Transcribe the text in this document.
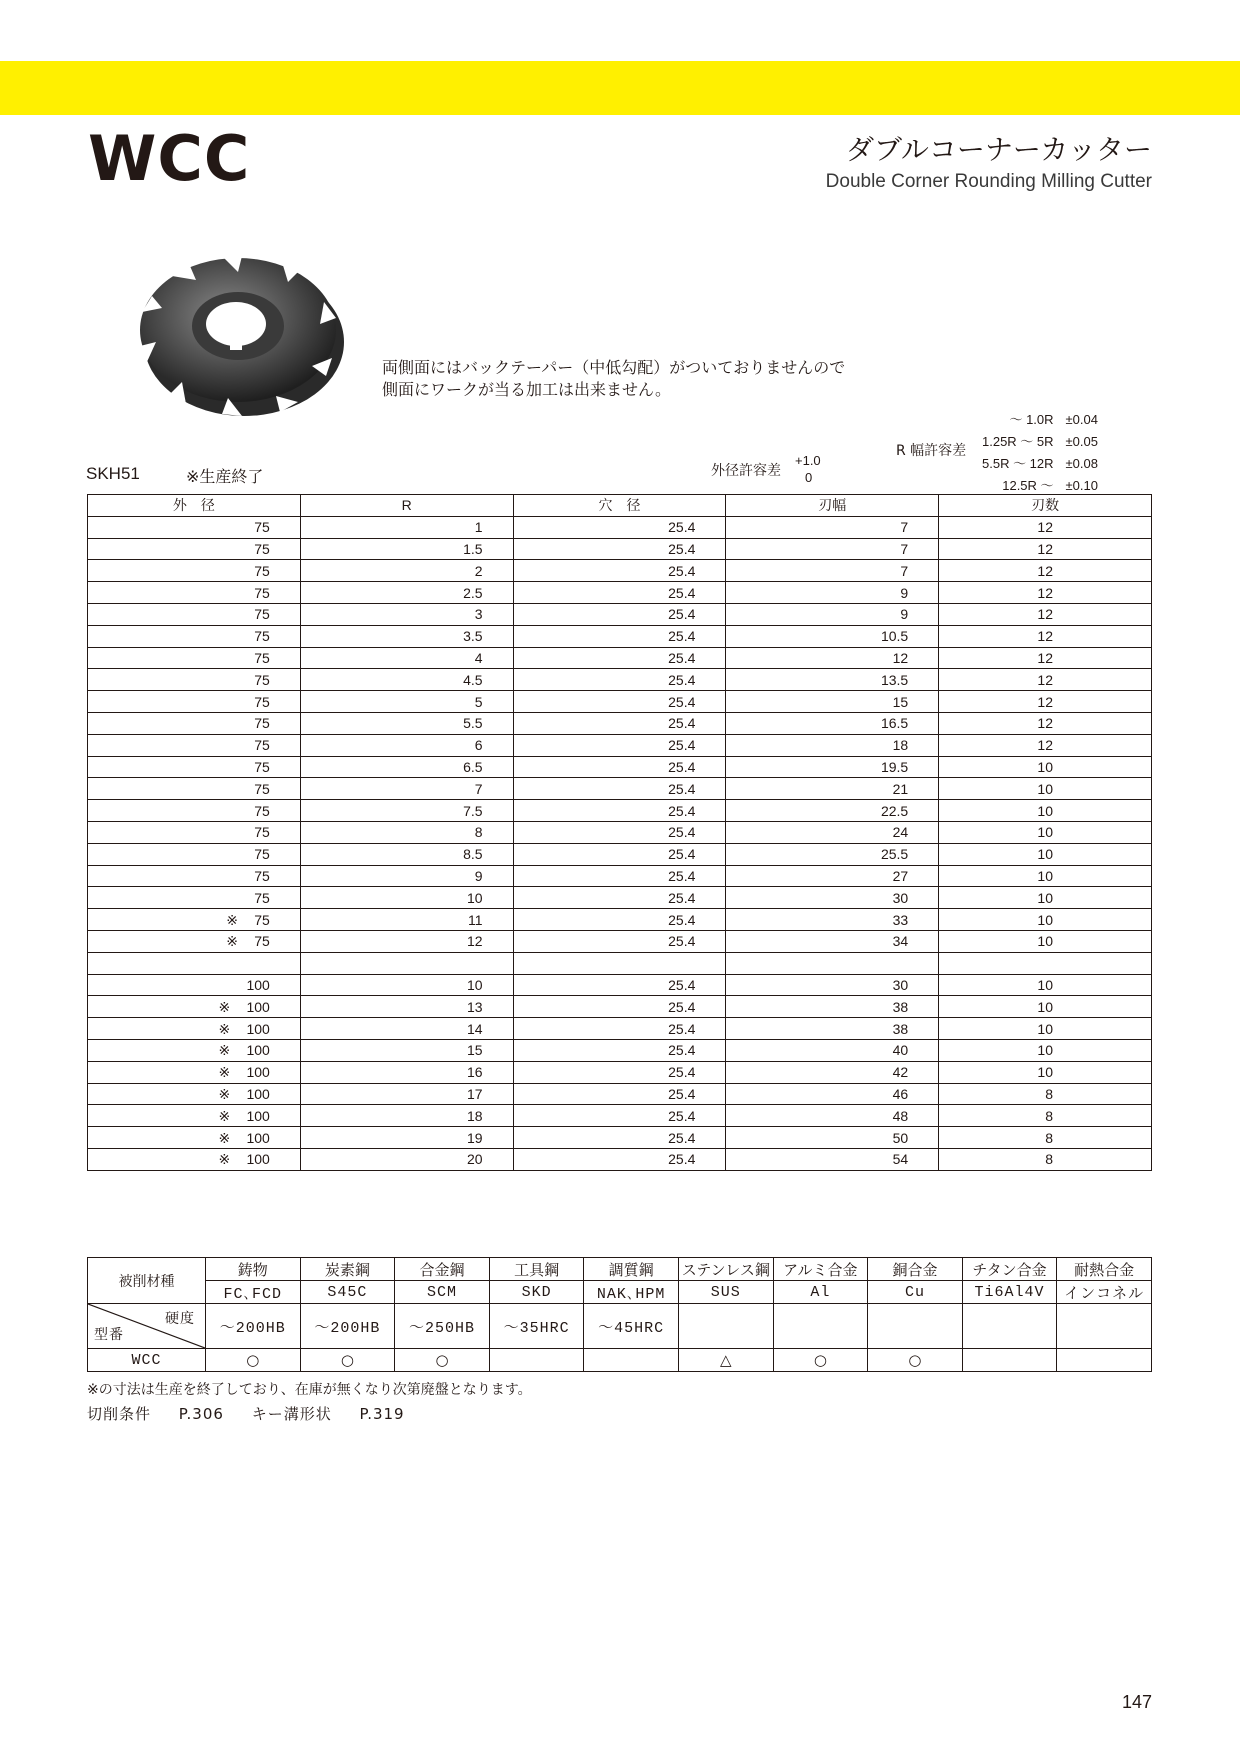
WCC	ダブルコーナーカッター
Double Corner Rounding Milling Cutter
両側面にはバックテーパー（中低勾配）がついておりませんので
側面にワークが当る加工は出来ません。
SKH51	※生産終了	外径許容差
+1.0
0
R 幅許容差
～ 1.0R	±0.04
1.25R ～ 5R	±0.05
5.5R ～ 12R	±0.08
12.5R ～	±0.10
外　径	R	穴　径	刃幅	刃数
75	1	25.4	7	12
75	1.5	25.4	7	12
75	2	25.4	7	12
75	2.5	25.4	9	12
75	3	25.4	9	12
75	3.5	25.4	10.5	12
75	4	25.4	12	12
75	4.5	25.4	13.5	12
75	5	25.4	15	12
75	5.5	25.4	16.5	12
75	6	25.4	18	12
75	6.5	25.4	19.5	10
75	7	25.4	21	10
75	7.5	25.4	22.5	10
75	8	25.4	24	10
75	8.5	25.4	25.5	10
75	9	25.4	27	10
75	10	25.4	30	10
※ 75	11	25.4	33	10
※ 75	12	25.4	34	10

100	10	25.4	30	10
※ 100	13	25.4	38	10
※ 100	14	25.4	38	10
※ 100	15	25.4	40	10
※ 100	16	25.4	42	10
※ 100	17	25.4	46	8
※ 100	18	25.4	48	8
※ 100	19	25.4	50	8
※ 100	20	25.4	54	8
被削材種	鋳物	炭素鋼	合金鋼	工具鋼	調質鋼	ステンレス鋼	アルミ合金	銅合金	チタン合金	耐熱合金
	FC､FCD	S45C	SCM	SKD	NAK､HPM	SUS	Al	Cu	Ti6Al4V	インコネル

硬度
型番	～200HB	～200HB	～250HB	～35HRC	～45HRC					
WCC	○	○	○			△	○	○		
※の寸法は生産を終了しており、在庫が無くなり次第廃盤となります。
切削条件 P.306 キー溝形状 P.319
147
